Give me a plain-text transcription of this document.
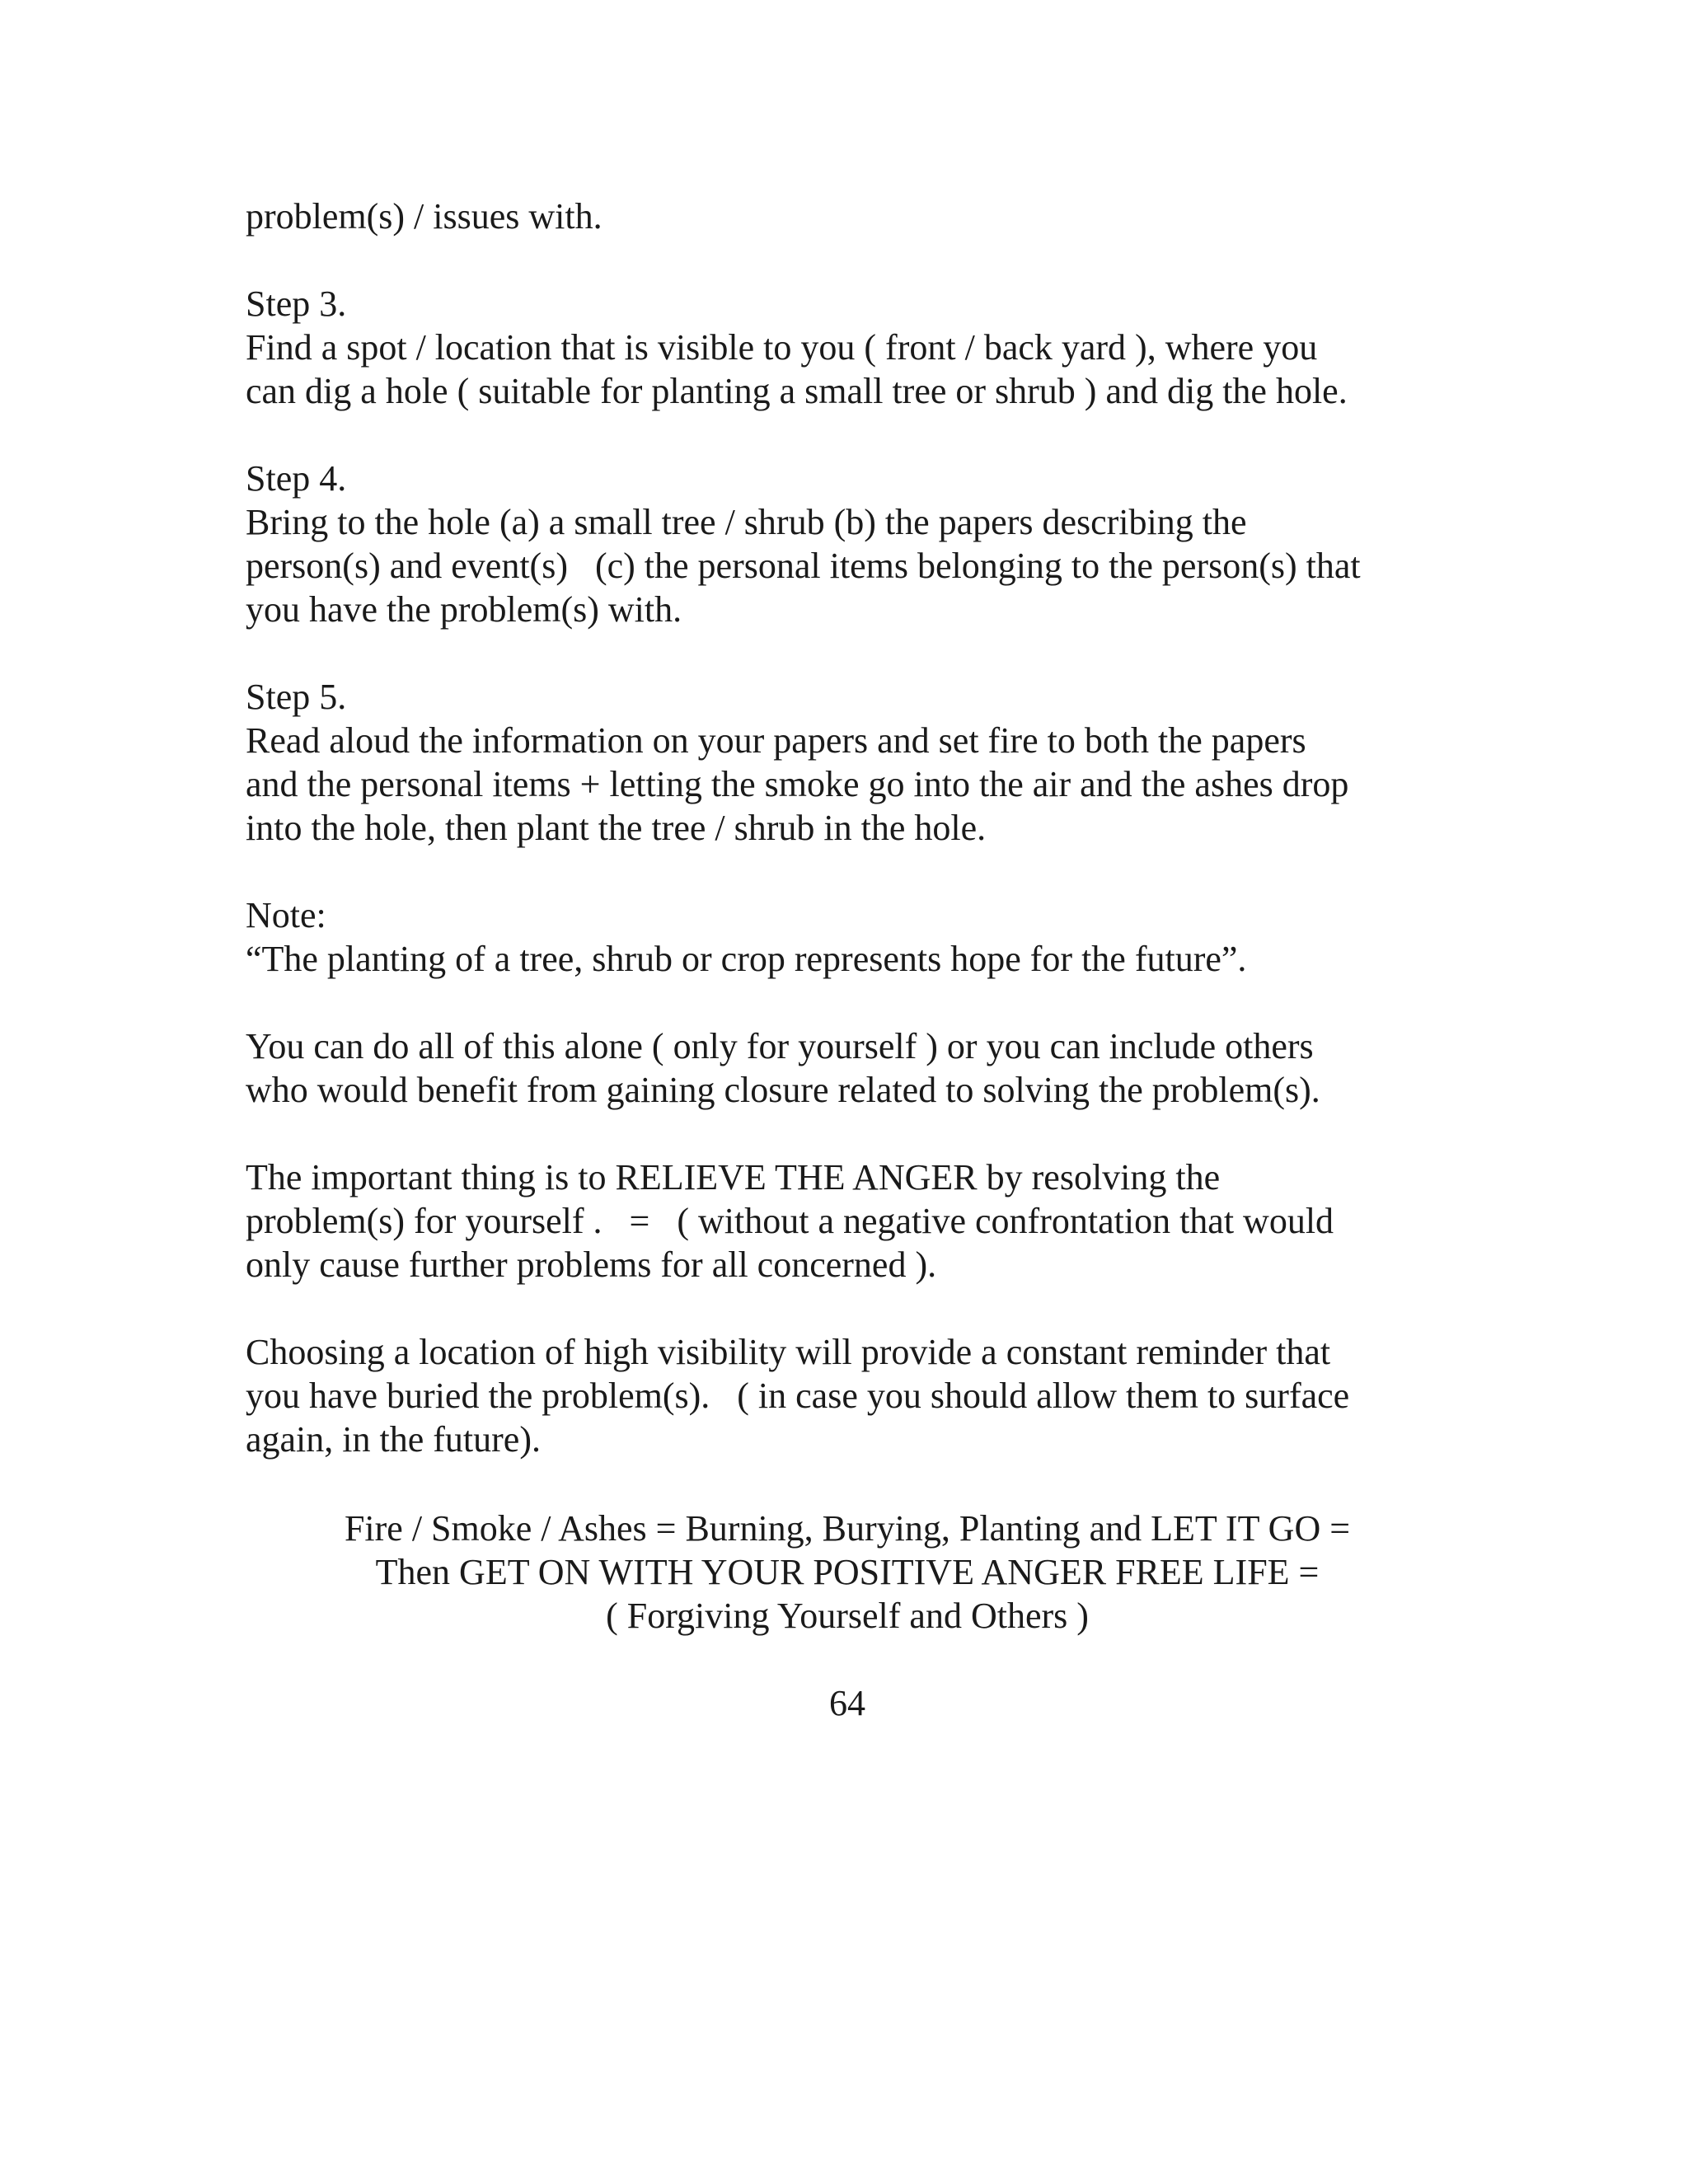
problem(s) / issues with.
Step 3.
Find a spot / location that is visible to you ( front / back yard ), where you
can dig a hole ( suitable for planting a small tree or shrub ) and dig the hole.
Step 4.
Bring to the hole (a) a small tree / shrub (b) the papers describing the
person(s) and event(s)   (c) the personal items belonging to the person(s) that
you have the problem(s) with.
Step 5.
Read aloud the information on your papers and set fire to both the papers
and the personal items + letting the smoke go into the air and the ashes drop
into the hole, then plant the tree / shrub in the hole.
Note:
“The planting of a tree, shrub or crop represents hope for the future”.
You can do all of this alone ( only for yourself ) or you can include others
who would benefit from gaining closure related to solving the problem(s).
The important thing is to RELIEVE THE ANGER by resolving the
problem(s) for yourself .   =   ( without a negative confrontation that would
only cause further problems for all concerned ).
Choosing a location of high visibility will provide a constant reminder that
you have buried the problem(s).   ( in case you should allow them to surface
again, in the future).
Fire / Smoke / Ashes = Burning, Burying, Planting and LET IT GO =
Then GET ON WITH YOUR POSITIVE ANGER FREE LIFE =
( Forgiving Yourself and Others )
64
